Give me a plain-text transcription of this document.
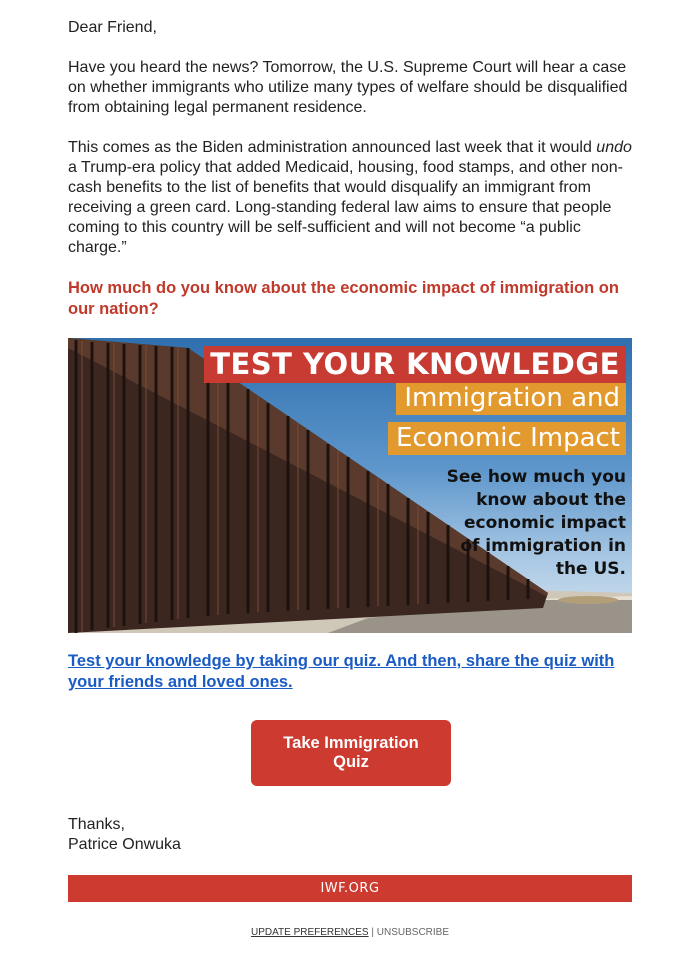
Dear Friend,

Have you heard the news? Tomorrow, the U.S. Supreme Court will hear a case on whether immigrants who utilize many types of welfare should be disqualified from obtaining legal permanent residence.

This comes as the Biden administration announced last week that it would undo a Trump-era policy that added Medicaid, housing, food stamps, and other non-cash benefits to the list of benefits that would disqualify an immigrant from receiving a green card. Long-standing federal law aims to ensure that people coming to this country will be self-sufficient and will not become “a public charge.”

How much do you know about the economic impact of immigration on our nation?

TEST YOUR KNOWLEDGE
Immigration and
Economic Impact
See how much you
know about the
economic impact
of immigration in
the US.
Test your knowledge by taking our quiz. And then, share the quiz with your friends and loved ones.
Take Immigration Quiz
Thanks,
Patrice Onwuka
IWF.ORG
UPDATE PREFERENCES | UNSUBSCRIBE
